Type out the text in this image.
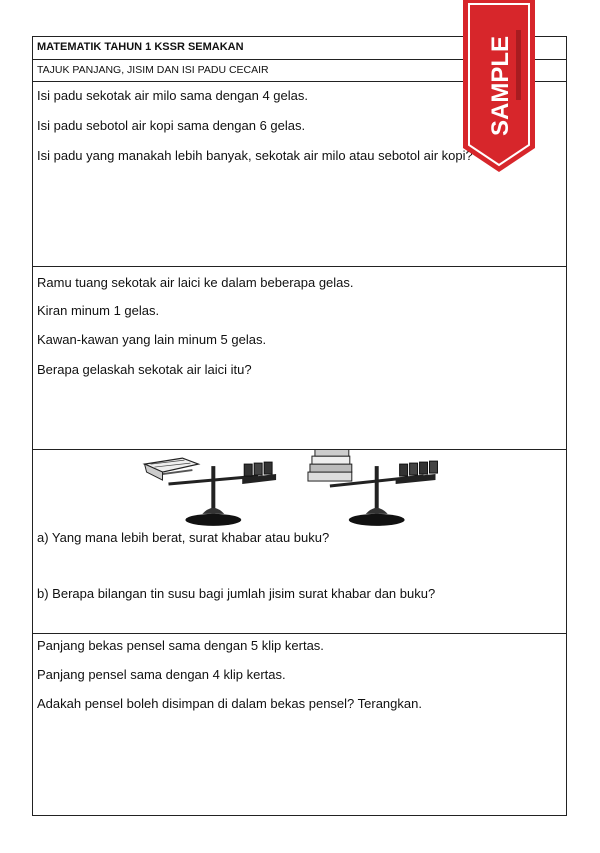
MATEMATIK TAHUN 1 KSSR SEMAKAN
TAJUK PANJANG, JISIM DAN ISI PADU CECAIR
Isi padu sekotak air milo sama dengan 4 gelas.
Isi padu sebotol air kopi sama dengan 6 gelas.
Isi padu yang manakah lebih banyak, sekotak air milo atau sebotol air kopi?
Ramu tuang sekotak air laici ke dalam beberapa gelas.
Kiran minum 1 gelas.
Kawan-kawan yang lain minum 5 gelas.
Berapa gelaskah sekotak air laici itu?
a) Yang mana lebih berat, surat khabar atau buku?
b) Berapa bilangan tin susu bagi jumlah jisim surat khabar dan buku?
Panjang bekas pensel sama dengan 5 klip kertas.
Panjang pensel sama dengan 4 klip kertas.
Adakah pensel boleh disimpan di dalam bekas pensel? Terangkan.
SAMPLE
